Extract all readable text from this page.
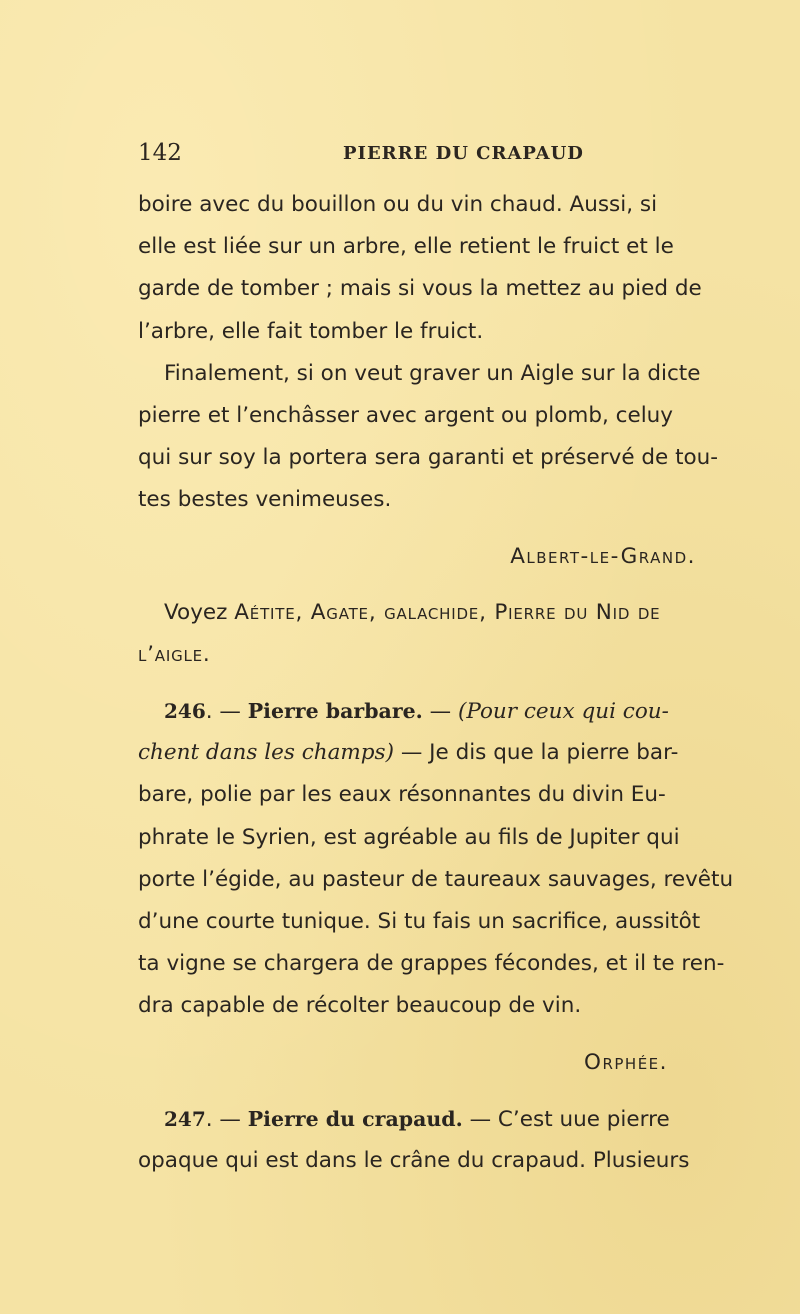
142	PIERRE DU CRAPAUD
boire avec du bouillon ou du vin chaud. Aussi, si
elle est liée sur un arbre, elle retient le fruict et le
garde de tomber ; mais si vous la mettez au pied de
l’arbre, elle fait tomber le fruict.
Finalement, si on veut graver un Aigle sur la dicte
pierre et l’enchâsser avec argent ou plomb, celuy
qui sur soy la portera sera garanti et préservé de tou-
tes bestes venimeuses.
Albert-le-Grand.
Voyez Aétite, Agate, galachide, Pierre du Nid de
l’aigle.
246. — Pierre barbare. — (Pour ceux qui cou-
chent dans les champs) — Je dis que la pierre bar-
bare, polie par les eaux résonnantes du divin Eu-
phrate le Syrien, est agréable au fils de Jupiter qui
porte l’égide, au pasteur de taureaux sauvages, revêtu
d’une courte tunique. Si tu fais un sacrifice, aussitôt
ta vigne se chargera de grappes fécondes, et il te ren-
dra capable de récolter beaucoup de vin.
Orphée.
247. — Pierre du crapaud. — C’est uue pierre
opaque qui est dans le crâne du crapaud. Plusieurs
